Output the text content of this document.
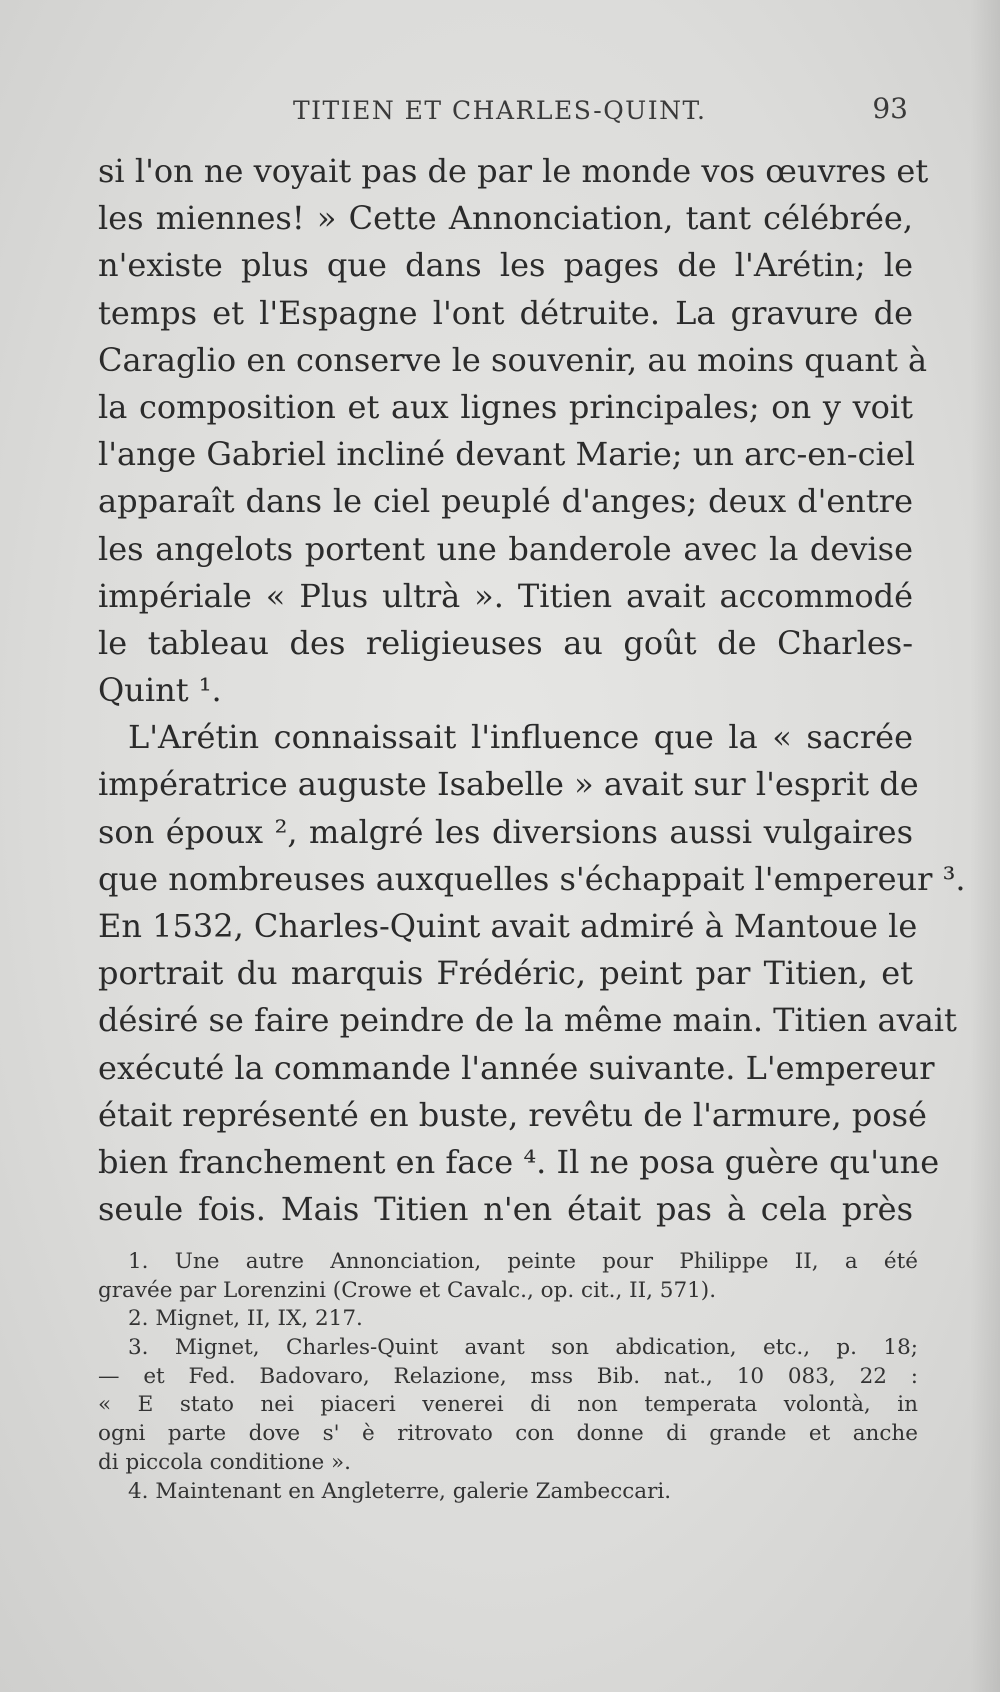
TITIEN ET CHARLES-QUINT.	93
si l'on ne voyait pas de par le monde vos œuvres et
les miennes! » Cette Annonciation, tant célébrée,
n'existe plus que dans les pages de l'Arétin; le
temps et l'Espagne l'ont détruite. La gravure de
Caraglio en conserve le souvenir, au moins quant à
la composition et aux lignes principales; on y voit
l'ange Gabriel incliné devant Marie; un arc-en-ciel
apparaît dans le ciel peuplé d'anges; deux d'entre
les angelots portent une banderole avec la devise
impériale « Plus ultrà ». Titien avait accommodé
le tableau des religieuses au goût de Charles-
Quint ¹.
L'Arétin connaissait l'influence que la « sacrée
impératrice auguste Isabelle » avait sur l'esprit de
son époux ², malgré les diversions aussi vulgaires
que nombreuses auxquelles s'échappait l'empereur ³.
En 1532, Charles-Quint avait admiré à Mantoue le
portrait du marquis Frédéric, peint par Titien, et
désiré se faire peindre de la même main. Titien avait
exécuté la commande l'année suivante. L'empereur
était représenté en buste, revêtu de l'armure, posé
bien franchement en face ⁴. Il ne posa guère qu'une
seule fois. Mais Titien n'en était pas à cela près
1. Une autre Annonciation, peinte pour Philippe II, a été
gravée par Lorenzini (Crowe et Cavalc., op. cit., II, 571).
2. Mignet, II, IX, 217.
3. Mignet, Charles-Quint avant son abdication, etc., p. 18;
— et Fed. Badovaro, Relazione, mss Bib. nat., 10 083, 22 :
« E stato nei piaceri venerei di non temperata volontà, in
ogni parte dove s' è ritrovato con donne di grande et anche
di piccola conditione ».
4. Maintenant en Angleterre, galerie Zambeccari.
